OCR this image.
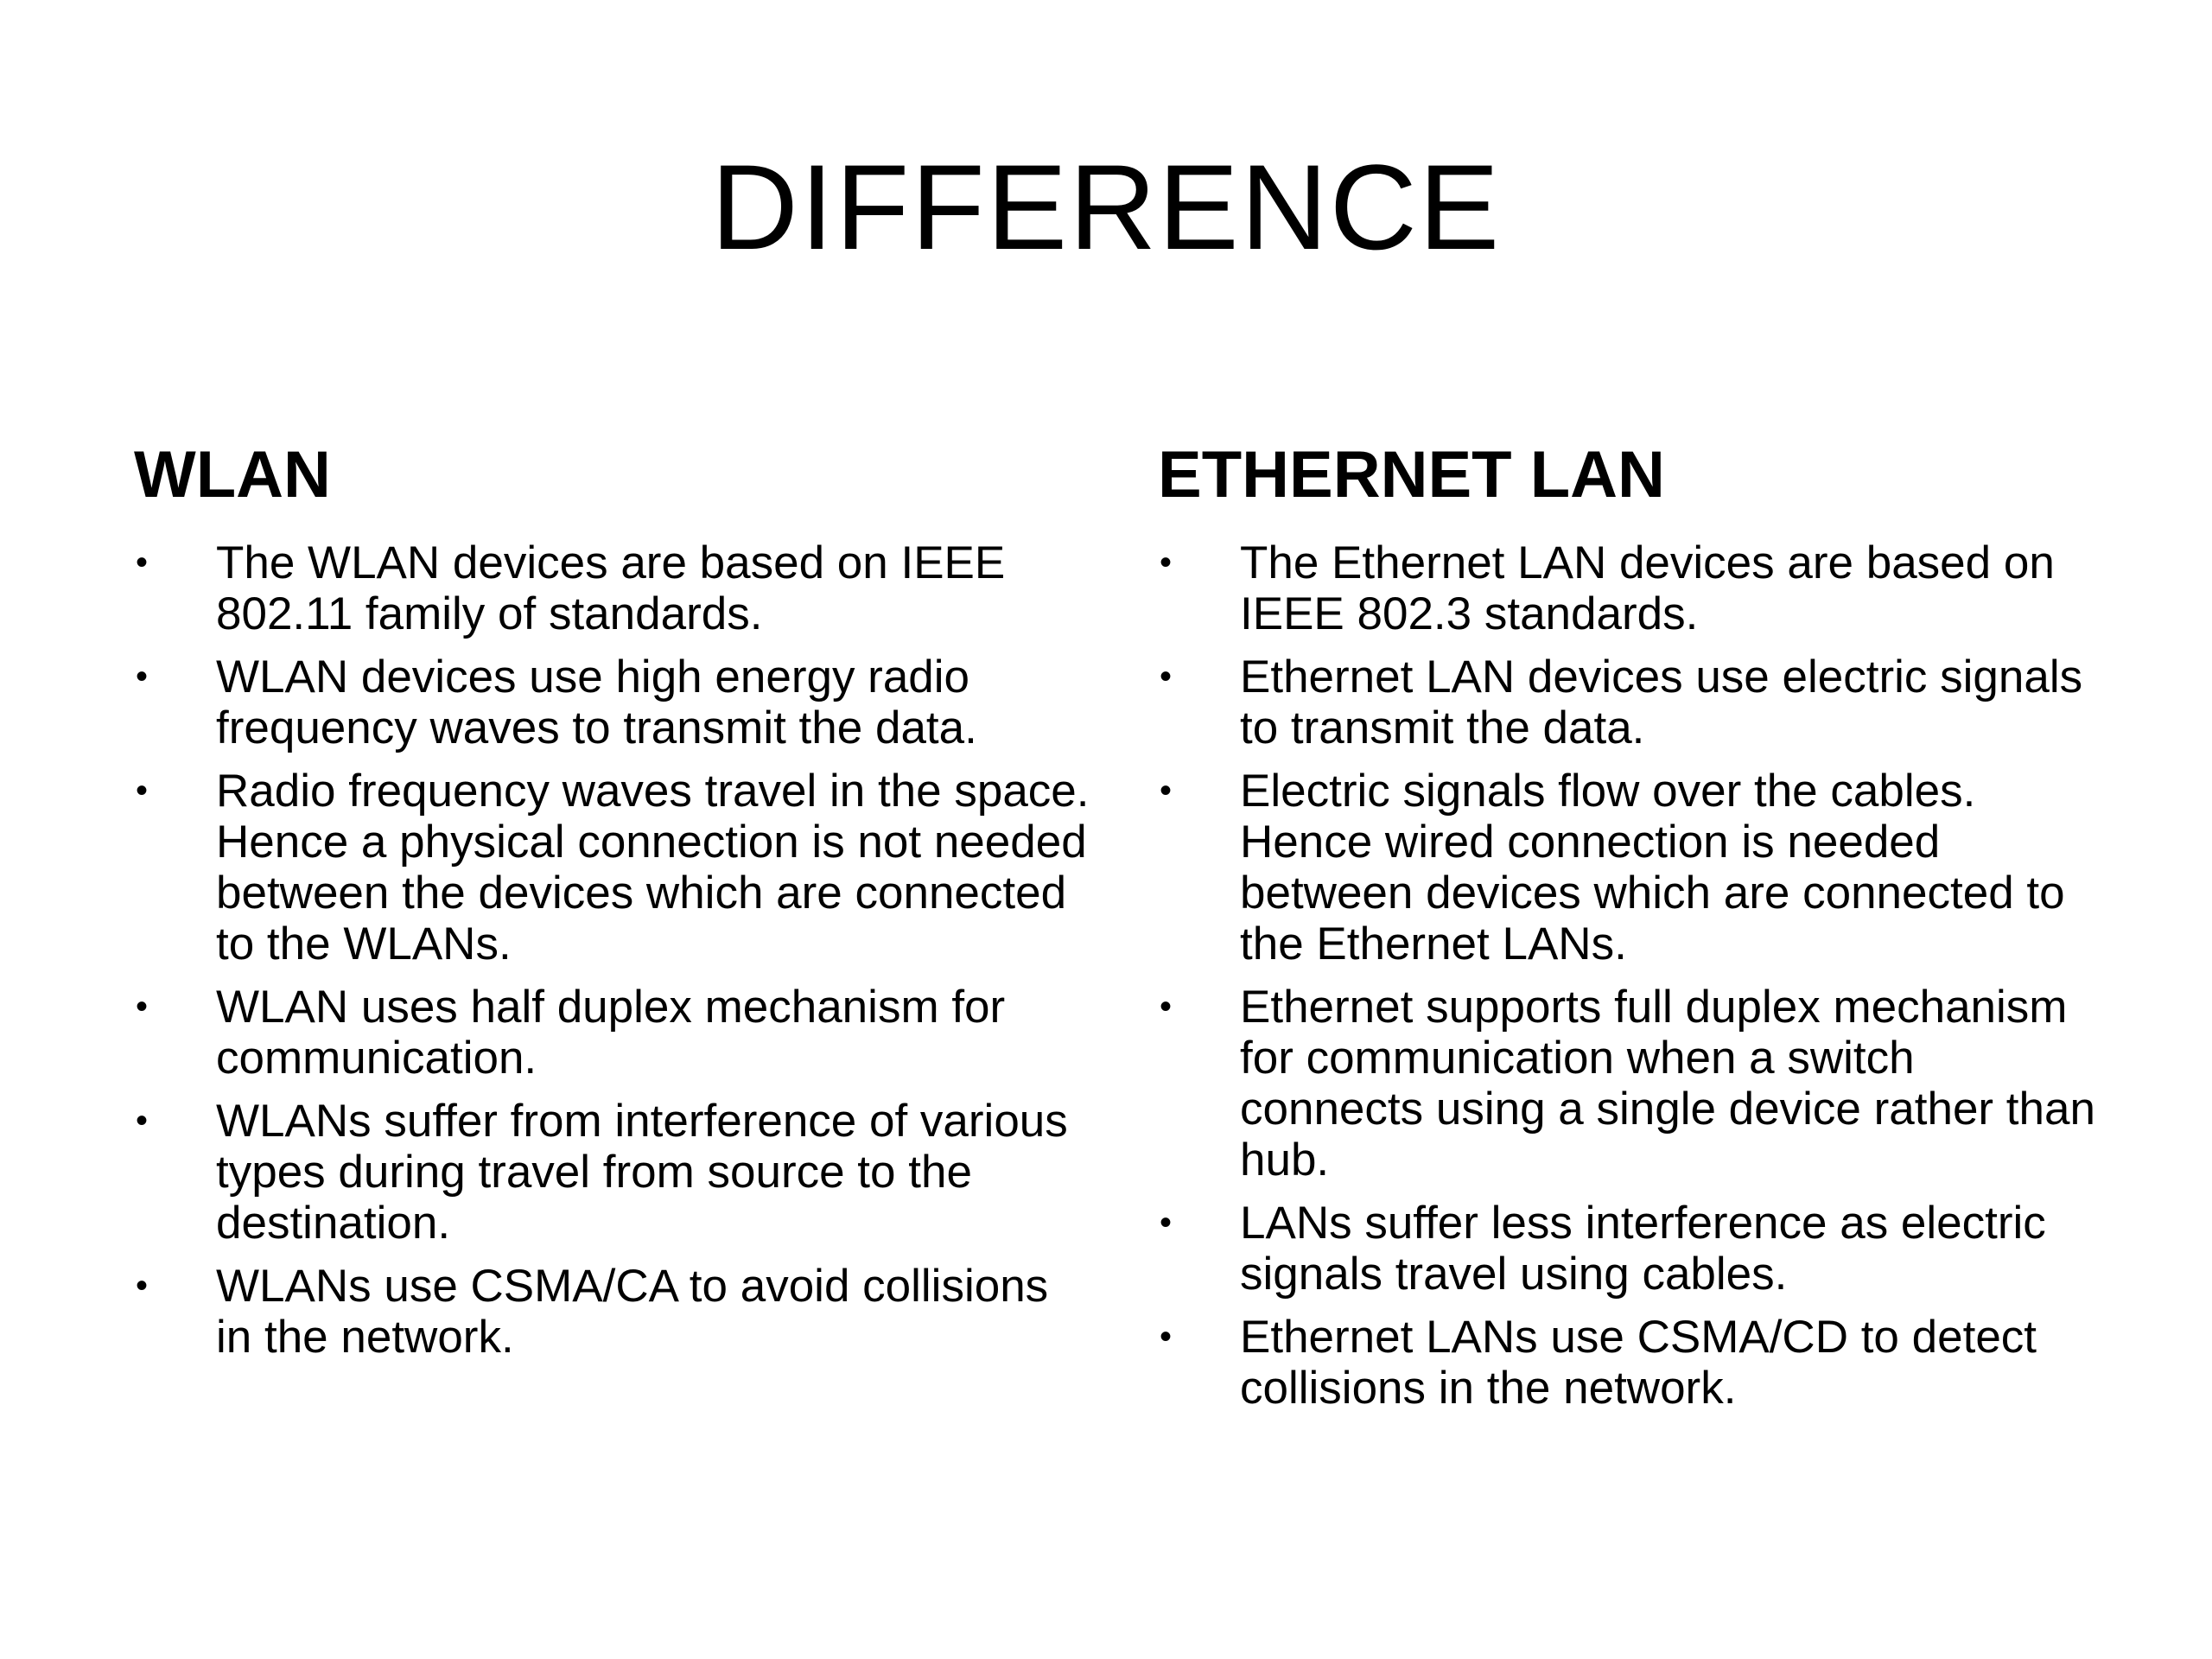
DIFFERENCE
WLAN
• The WLAN devices are based on IEEE 802.11 family of standards.
• WLAN devices use high energy radio frequency waves to transmit the data.
• Radio frequency waves travel in the space. Hence a physical connection is not needed between the devices which are connected to the WLANs.
• WLAN uses half duplex mechanism for communication.
• WLANs suffer from interference of various types during travel from source to the destination.
• WLANs use CSMA/CA to avoid collisions in the network.
ETHERNET LAN
• The Ethernet LAN devices are based on IEEE 802.3 standards.
• Ethernet LAN devices use electric signals to transmit the data.
• Electric signals flow over the cables. Hence wired connection is needed between devices which are connected to the Ethernet LANs.
• Ethernet supports full duplex mechanism for communication when a switch connects using a single device rather than hub.
• LANs suffer less interference as electric signals travel using cables.
• Ethernet LANs use CSMA/CD to detect collisions in the network.
